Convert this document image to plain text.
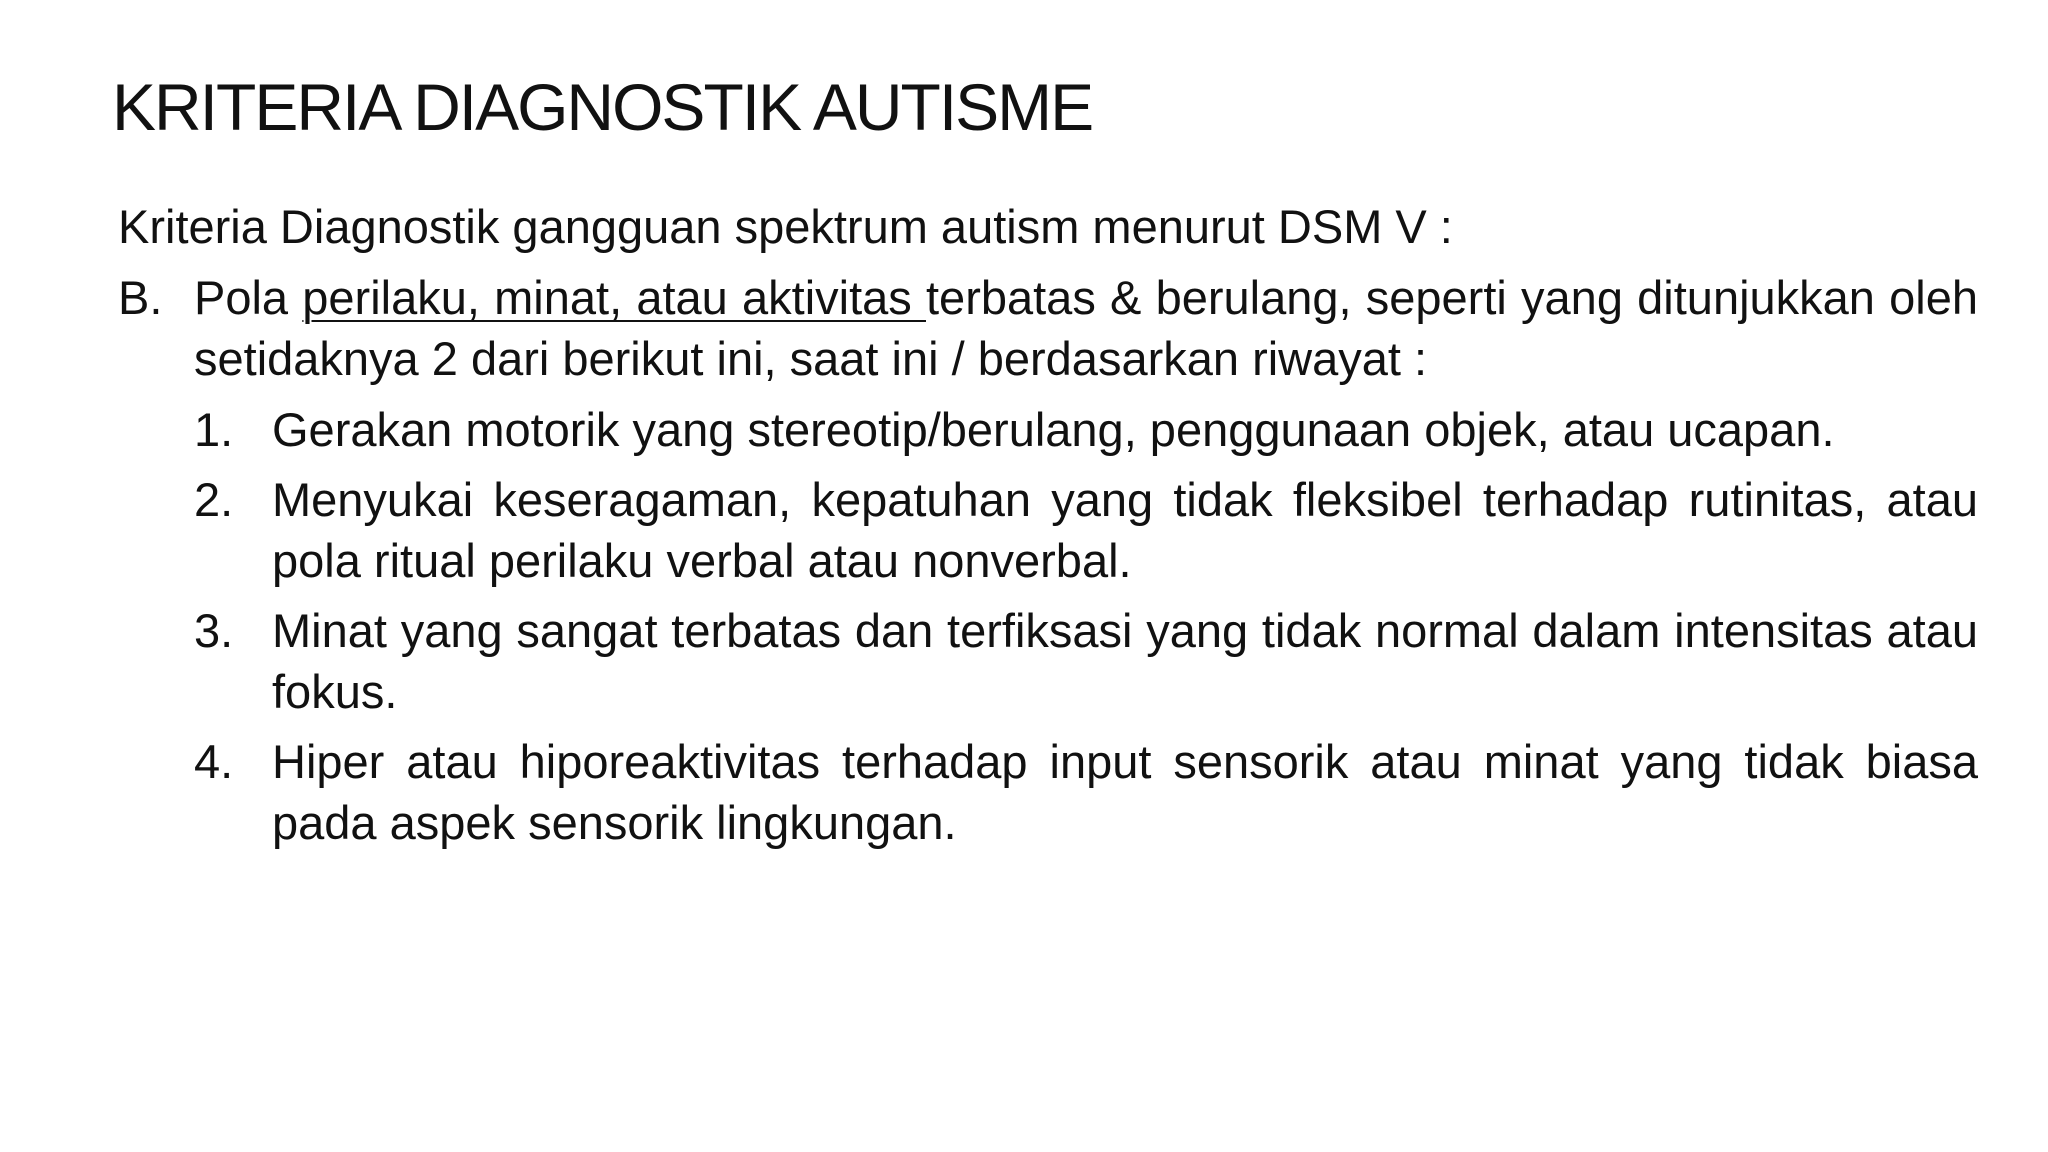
KRITERIA DIAGNOSTIK AUTISME

Kriteria Diagnostik gangguan spektrum autism menurut DSM V :

B. Pola perilaku, minat, atau aktivitas terbatas & berulang, seperti yang ditunjukkan oleh setidaknya 2 dari berikut ini, saat ini / berdasarkan riwayat :
1. Gerakan motorik yang stereotip/berulang, penggunaan objek, atau ucapan.
2. Menyukai keseragaman, kepatuhan yang tidak fleksibel terhadap rutinitas, atau pola ritual perilaku verbal atau nonverbal.
3. Minat yang sangat terbatas dan terfiksasi yang tidak normal dalam intensitas atau fokus.
4. Hiper atau hiporeaktivitas terhadap input sensorik atau minat yang tidak biasa pada aspek sensorik lingkungan.
